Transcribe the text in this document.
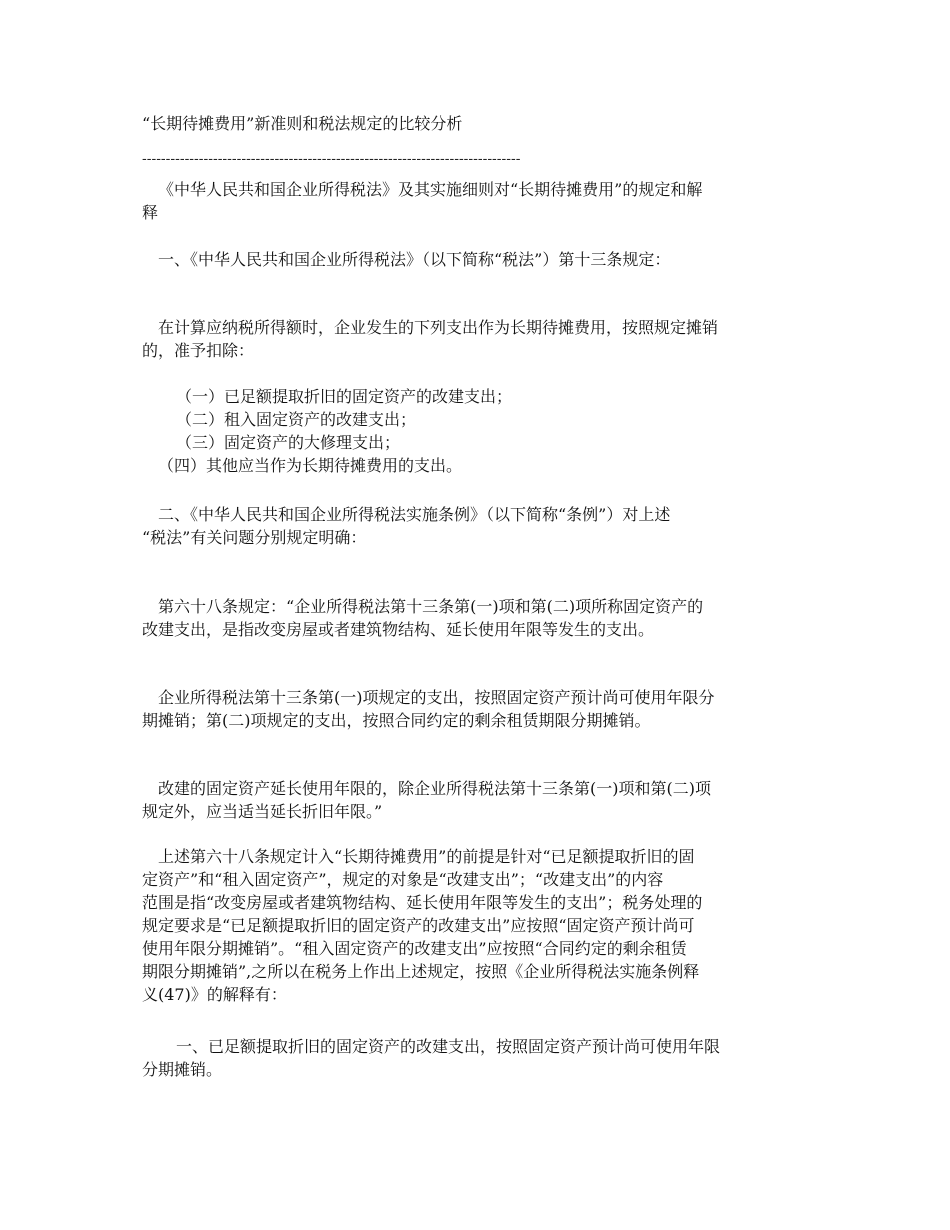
“长期待摊费用”新准则和税法规定的比较分析
--------------------------------------------------------------------------------
《中华人民共和国企业所得税法》及其实施细则对“长期待摊费用”的规定和解
释
一、《中华人民共和国企业所得税法》（以下简称“税法”）第十三条规定：
在计算应纳税所得额时，企业发生的下列支出作为长期待摊费用，按照规定摊销
的，准予扣除：
（一）已足额提取折旧的固定资产的改建支出；
（二）租入固定资产的改建支出；
（三）固定资产的大修理支出；
（四）其他应当作为长期待摊费用的支出。
二、《中华人民共和国企业所得税法实施条例》（以下简称“条例”）对上述
“税法”有关问题分别规定明确：
第六十八条规定：“企业所得税法第十三条第(一)项和第(二)项所称固定资产的
改建支出，是指改变房屋或者建筑物结构、延长使用年限等发生的支出。
企业所得税法第十三条第(一)项规定的支出，按照固定资产预计尚可使用年限分
期摊销；第(二)项规定的支出，按照合同约定的剩余租赁期限分期摊销。
改建的固定资产延长使用年限的，除企业所得税法第十三条第(一)项和第(二)项
规定外，应当适当延长折旧年限。”
上述第六十八条规定计入“长期待摊费用”的前提是针对“已足额提取折旧的固
定资产”和“租入固定资产”，规定的对象是“改建支出”；“改建支出”的内容
范围是指“改变房屋或者建筑物结构、延长使用年限等发生的支出”；税务处理的
规定要求是“已足额提取折旧的固定资产的改建支出”应按照“固定资产预计尚可
使用年限分期摊销”。“租入固定资产的改建支出”应按照“合同约定的剩余租赁
期限分期摊销”,之所以在税务上作出上述规定，按照《企业所得税法实施条例释
义(47)》的解释有：
一、已足额提取折旧的固定资产的改建支出，按照固定资产预计尚可使用年限
分期摊销。
